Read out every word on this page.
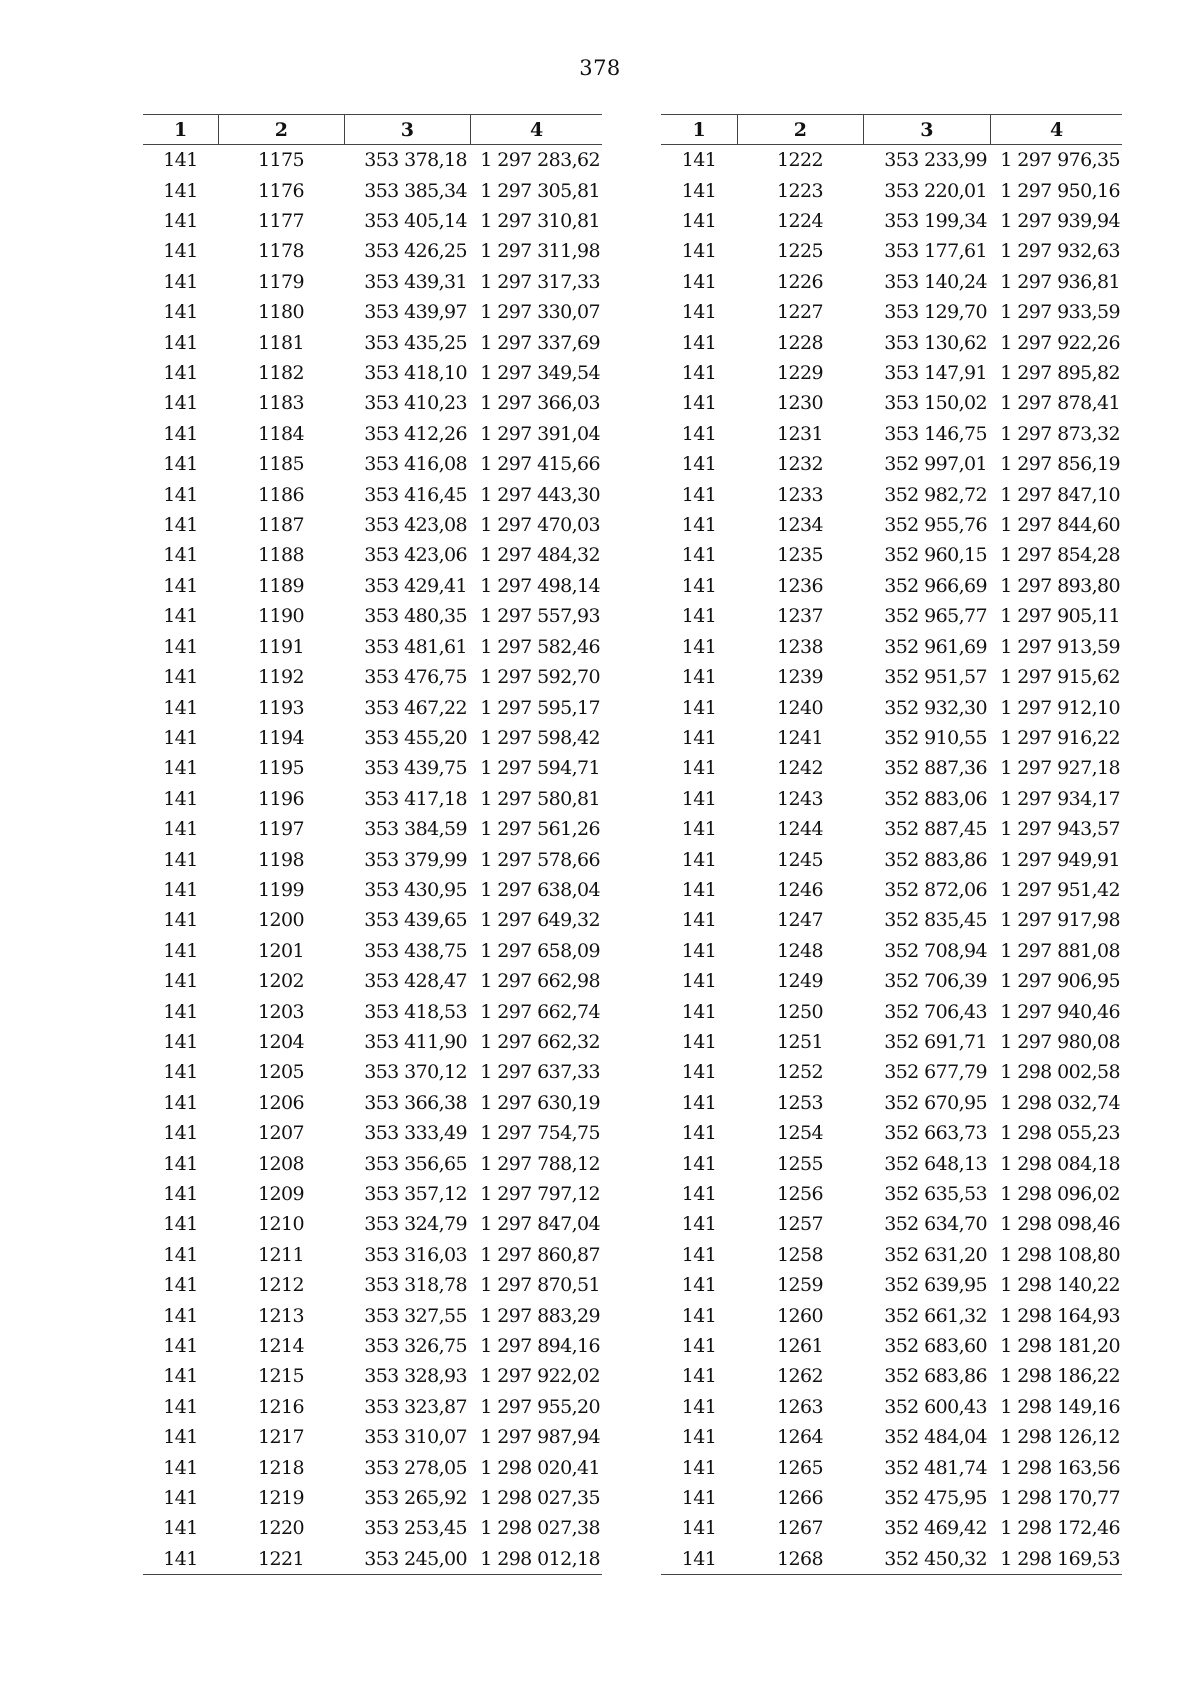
378
1	2	3	4
141	1175	353 378,18	1 297 283,62
141	1176	353 385,34	1 297 305,81
141	1177	353 405,14	1 297 310,81
141	1178	353 426,25	1 297 311,98
141	1179	353 439,31	1 297 317,33
141	1180	353 439,97	1 297 330,07
141	1181	353 435,25	1 297 337,69
141	1182	353 418,10	1 297 349,54
141	1183	353 410,23	1 297 366,03
141	1184	353 412,26	1 297 391,04
141	1185	353 416,08	1 297 415,66
141	1186	353 416,45	1 297 443,30
141	1187	353 423,08	1 297 470,03
141	1188	353 423,06	1 297 484,32
141	1189	353 429,41	1 297 498,14
141	1190	353 480,35	1 297 557,93
141	1191	353 481,61	1 297 582,46
141	1192	353 476,75	1 297 592,70
141	1193	353 467,22	1 297 595,17
141	1194	353 455,20	1 297 598,42
141	1195	353 439,75	1 297 594,71
141	1196	353 417,18	1 297 580,81
141	1197	353 384,59	1 297 561,26
141	1198	353 379,99	1 297 578,66
141	1199	353 430,95	1 297 638,04
141	1200	353 439,65	1 297 649,32
141	1201	353 438,75	1 297 658,09
141	1202	353 428,47	1 297 662,98
141	1203	353 418,53	1 297 662,74
141	1204	353 411,90	1 297 662,32
141	1205	353 370,12	1 297 637,33
141	1206	353 366,38	1 297 630,19
141	1207	353 333,49	1 297 754,75
141	1208	353 356,65	1 297 788,12
141	1209	353 357,12	1 297 797,12
141	1210	353 324,79	1 297 847,04
141	1211	353 316,03	1 297 860,87
141	1212	353 318,78	1 297 870,51
141	1213	353 327,55	1 297 883,29
141	1214	353 326,75	1 297 894,16
141	1215	353 328,93	1 297 922,02
141	1216	353 323,87	1 297 955,20
141	1217	353 310,07	1 297 987,94
141	1218	353 278,05	1 298 020,41
141	1219	353 265,92	1 298 027,35
141	1220	353 253,45	1 298 027,38
141	1221	353 245,00	1 298 012,18
1	2	3	4
141	1222	353 233,99	1 297 976,35
141	1223	353 220,01	1 297 950,16
141	1224	353 199,34	1 297 939,94
141	1225	353 177,61	1 297 932,63
141	1226	353 140,24	1 297 936,81
141	1227	353 129,70	1 297 933,59
141	1228	353 130,62	1 297 922,26
141	1229	353 147,91	1 297 895,82
141	1230	353 150,02	1 297 878,41
141	1231	353 146,75	1 297 873,32
141	1232	352 997,01	1 297 856,19
141	1233	352 982,72	1 297 847,10
141	1234	352 955,76	1 297 844,60
141	1235	352 960,15	1 297 854,28
141	1236	352 966,69	1 297 893,80
141	1237	352 965,77	1 297 905,11
141	1238	352 961,69	1 297 913,59
141	1239	352 951,57	1 297 915,62
141	1240	352 932,30	1 297 912,10
141	1241	352 910,55	1 297 916,22
141	1242	352 887,36	1 297 927,18
141	1243	352 883,06	1 297 934,17
141	1244	352 887,45	1 297 943,57
141	1245	352 883,86	1 297 949,91
141	1246	352 872,06	1 297 951,42
141	1247	352 835,45	1 297 917,98
141	1248	352 708,94	1 297 881,08
141	1249	352 706,39	1 297 906,95
141	1250	352 706,43	1 297 940,46
141	1251	352 691,71	1 297 980,08
141	1252	352 677,79	1 298 002,58
141	1253	352 670,95	1 298 032,74
141	1254	352 663,73	1 298 055,23
141	1255	352 648,13	1 298 084,18
141	1256	352 635,53	1 298 096,02
141	1257	352 634,70	1 298 098,46
141	1258	352 631,20	1 298 108,80
141	1259	352 639,95	1 298 140,22
141	1260	352 661,32	1 298 164,93
141	1261	352 683,60	1 298 181,20
141	1262	352 683,86	1 298 186,22
141	1263	352 600,43	1 298 149,16
141	1264	352 484,04	1 298 126,12
141	1265	352 481,74	1 298 163,56
141	1266	352 475,95	1 298 170,77
141	1267	352 469,42	1 298 172,46
141	1268	352 450,32	1 298 169,53
